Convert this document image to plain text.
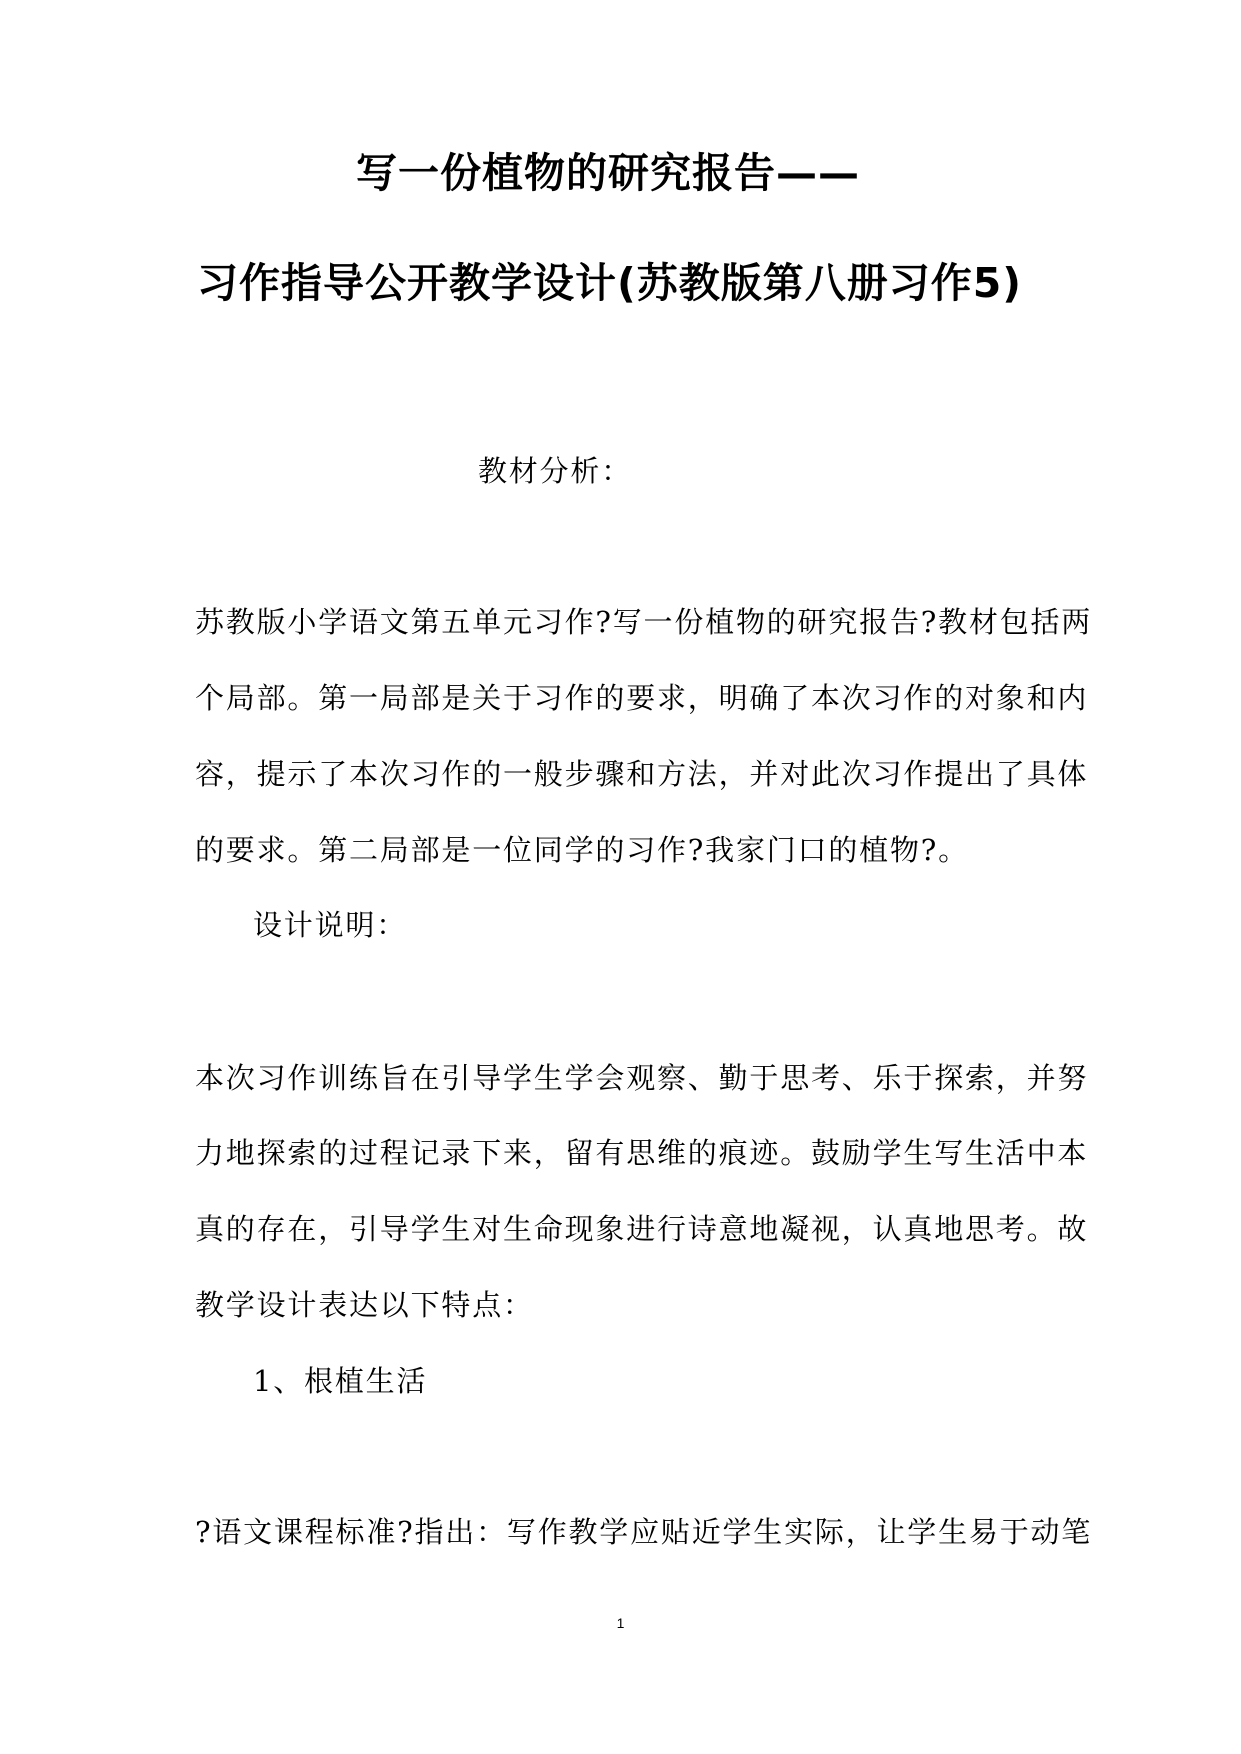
写一份植物的研究报告——
习作指导公开教学设计(苏教版第八册习作5)
教材分析：
苏教版小学语文第五单元习作?写一份植物的研究报告?教材包括两
个局部。第一局部是关于习作的要求，明确了本次习作的对象和内
容，提示了本次习作的一般步骤和方法，并对此次习作提出了具体
的要求。第二局部是一位同学的习作?我家门口的植物?。
设计说明：
本次习作训练旨在引导学生学会观察、勤于思考、乐于探索，并努
力地探索的过程记录下来，留有思维的痕迹。鼓励学生写生活中本
真的存在，引导学生对生命现象进行诗意地凝视，认真地思考。故
教学设计表达以下特点：
1、根植生活
?语文课程标准?指出：写作教学应贴近学生实际，让学生易于动笔
1
